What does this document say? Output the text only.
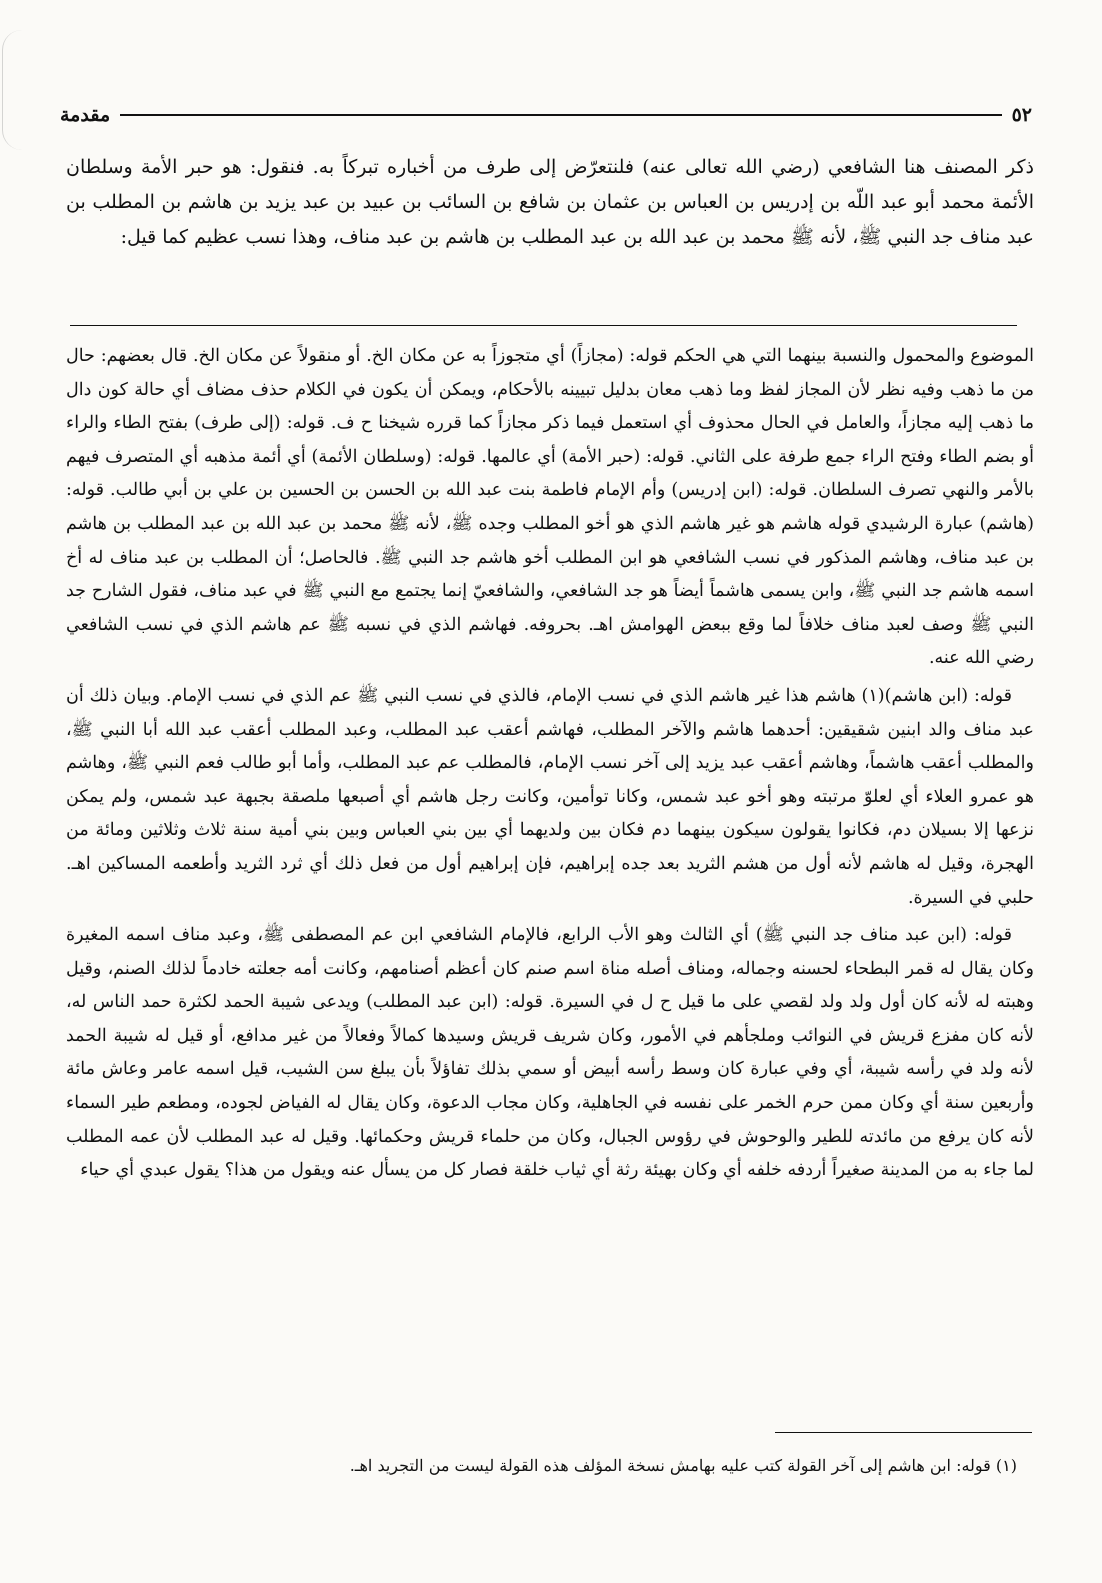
٥٢
مقدمة
ذكر المصنف هنا الشافعي (رضي الله تعالى عنه) فلنتعرّض إلى طرف من أخباره تبركاً به. فنقول: هو حبر الأمة وسلطان الأئمة محمد أبو عبد اللّه بن إدريس بن العباس بن عثمان بن شافع بن السائب بن عبيد بن عبد يزيد بن هاشم بن المطلب بن عبد مناف جد النبي ﷺ، لأنه ﷺ محمد بن عبد الله بن عبد المطلب بن هاشم بن عبد مناف، وهذا نسب عظيم كما قيل:

الموضوع والمحمول والنسبة بينهما التي هي الحكم قوله: (مجازاً) أي متجوزاً به عن مكان الخ. أو منقولاً عن مكان الخ. قال بعضهم: حال من ما ذهب وفيه نظر لأن المجاز لفظ وما ذهب معان بدليل تبيينه بالأحكام، ويمكن أن يكون في الكلام حذف مضاف أي حالة كون دال ما ذهب إليه مجازاً، والعامل في الحال محذوف أي استعمل فيما ذكر مجازاً كما قرره شيخنا ح ف. قوله: (إلى طرف) بفتح الطاء والراء أو بضم الطاء وفتح الراء جمع طرفة على الثاني. قوله: (حبر الأمة) أي عالمها. قوله: (وسلطان الأئمة) أي أئمة مذهبه أي المتصرف فيهم بالأمر والنهي تصرف السلطان. قوله: (ابن إدريس) وأم الإمام فاطمة بنت عبد الله بن الحسن بن الحسين بن علي بن أبي طالب. قوله: (هاشم) عبارة الرشيدي قوله هاشم هو غير هاشم الذي هو أخو المطلب وجده ﷺ، لأنه ﷺ محمد بن عبد الله بن عبد المطلب بن هاشم بن عبد مناف، وهاشم المذكور في نسب الشافعي هو ابن المطلب أخو هاشم جد النبي ﷺ. فالحاصل؛ أن المطلب بن عبد مناف له أخ اسمه هاشم جد النبي ﷺ، وابن يسمى هاشماً أيضاً هو جد الشافعي، والشافعيّ إنما يجتمع مع النبي ﷺ في عبد مناف، فقول الشارح جد النبي ﷺ وصف لعبد مناف خلافاً لما وقع ببعض الهوامش اهـ. بحروفه. فهاشم الذي في نسبه ﷺ عم هاشم الذي في نسب الشافعي رضي الله عنه.

قوله: (ابن هاشم)(١) هاشم هذا غير هاشم الذي في نسب الإمام، فالذي في نسب النبي ﷺ عم الذي في نسب الإمام. وبيان ذلك أن عبد مناف والد ابنين شقيقين: أحدهما هاشم والآخر المطلب، فهاشم أعقب عبد المطلب، وعبد المطلب أعقب عبد الله أبا النبي ﷺ، والمطلب أعقب هاشماً، وهاشم أعقب عبد يزيد إلى آخر نسب الإمام، فالمطلب عم عبد المطلب، وأما أبو طالب فعم النبي ﷺ، وهاشم هو عمرو العلاء أي لعلوّ مرتبته وهو أخو عبد شمس، وكانا توأمين، وكانت رجل هاشم أي أصبعها ملصقة بجبهة عبد شمس، ولم يمكن نزعها إلا بسيلان دم، فكانوا يقولون سيكون بينهما دم فكان بين ولديهما أي بين بني العباس وبين بني أمية سنة ثلاث وثلاثين ومائة من الهجرة، وقيل له هاشم لأنه أول من هشم الثريد بعد جده إبراهيم، فإن إبراهيم أول من فعل ذلك أي ثرد الثريد وأطعمه المساكين اهـ. حلبي في السيرة.

قوله: (ابن عبد مناف جد النبي ﷺ) أي الثالث وهو الأب الرابع، فالإمام الشافعي ابن عم المصطفى ﷺ، وعبد مناف اسمه المغيرة وكان يقال له قمر البطحاء لحسنه وجماله، ومناف أصله مناة اسم صنم كان أعظم أصنامهم، وكانت أمه جعلته خادماً لذلك الصنم، وقيل وهبته له لأنه كان أول ولد ولد لقصي على ما قيل ح ل في السيرة. قوله: (ابن عبد المطلب) ويدعى شيبة الحمد لكثرة حمد الناس له، لأنه كان مفزع قريش في النوائب وملجأهم في الأمور، وكان شريف قريش وسيدها كمالاً وفعالاً من غير مدافع، أو قيل له شيبة الحمد لأنه ولد في رأسه شيبة، أي وفي عبارة كان وسط رأسه أبيض أو سمي بذلك تفاؤلاً بأن يبلغ سن الشيب، قيل اسمه عامر وعاش مائة وأربعين سنة أي وكان ممن حرم الخمر على نفسه في الجاهلية، وكان مجاب الدعوة، وكان يقال له الفياض لجوده، ومطعم طير السماء لأنه كان يرفع من مائدته للطير والوحوش في رؤوس الجبال، وكان من حلماء قريش وحكمائها. وقيل له عبد المطلب لأن عمه المطلب لما جاء به من المدينة صغيراً أردفه خلفه أي وكان بهيئة رثة أي ثياب خلقة فصار كل من يسأل عنه ويقول من هذا؟ يقول عبدي أي حياء

(١) قوله: ابن هاشم إلى آخر القولة كتب عليه بهامش نسخة المؤلف هذه القولة ليست من التجريد اهـ.
